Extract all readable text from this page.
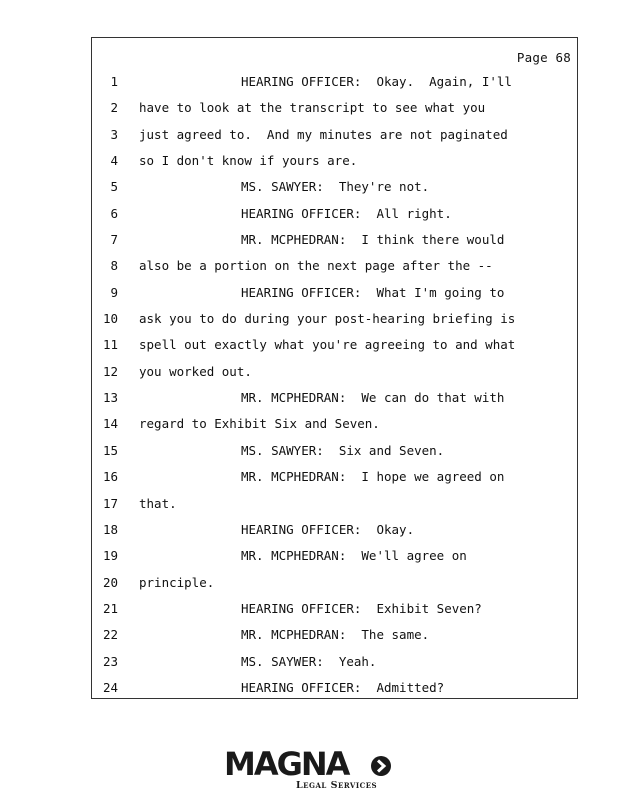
Page 68
1	HEARING OFFICER:  Okay.  Again, I'll
2 have to look at the transcript to see what you
3 just agreed to.  And my minutes are not paginated
4 so I don't know if yours are.
5	MS. SAWYER:  They're not.
6	HEARING OFFICER:  All right.
7	MR. MCPHEDRAN:  I think there would
8 also be a portion on the next page after the --
9	HEARING OFFICER:  What I'm going to
10 ask you to do during your post-hearing briefing is
11 spell out exactly what you're agreeing to and what
12 you worked out.
13	MR. MCPHEDRAN:  We can do that with
14 regard to Exhibit Six and Seven.
15	MS. SAWYER:  Six and Seven.
16	MR. MCPHEDRAN:  I hope we agreed on
17 that.
18	HEARING OFFICER:  Okay.
19	MR. MCPHEDRAN:  We'll agree on
20 principle.
21	HEARING OFFICER:  Exhibit Seven?
22	MR. MCPHEDRAN:  The same.
23	MS. SAYWER:  Yeah.
24	HEARING OFFICER:  Admitted?
MAGNA
Legal Services
